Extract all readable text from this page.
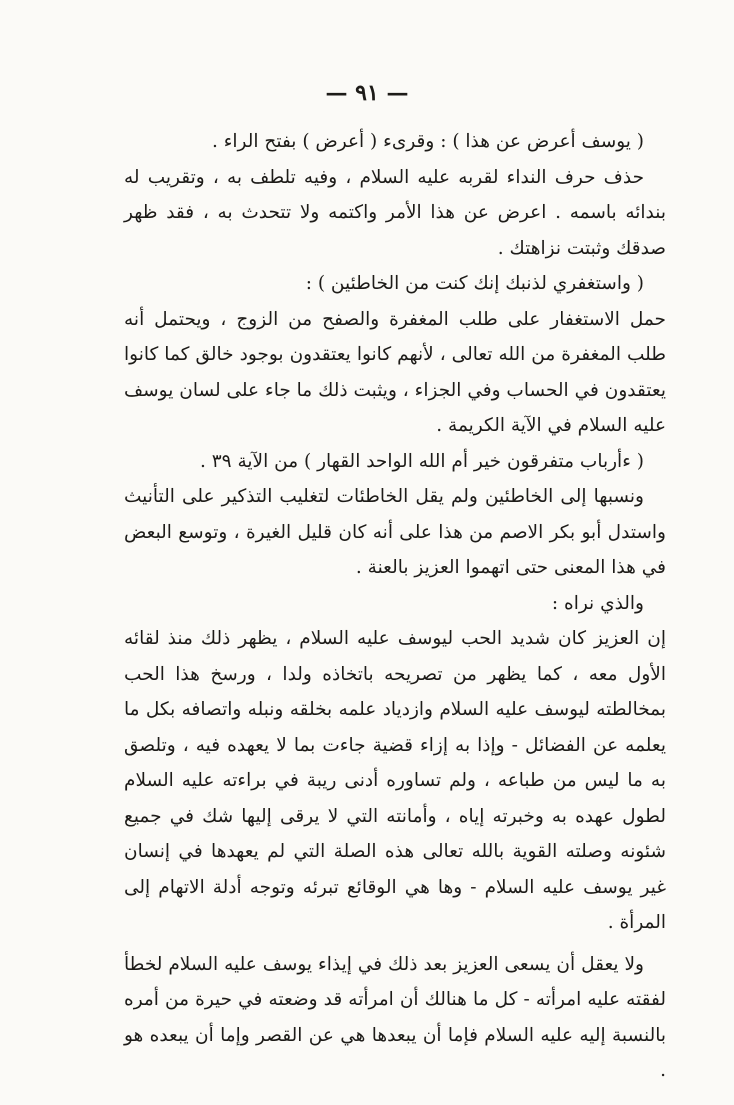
— ٩١ —

( يوسف أعرض عن هذا ) : وقرىء ( أعرض ) بفتح الراء .

حذف حرف النداء لقربه عليه السلام ، وفيه تلطف به ، وتقريب له بندائه باسمه . اعرض عن هذا الأمر واكتمه ولا تتحدث به ، فقد ظهر صدقك وثبتت نزاهتك .

( واستغفري لذنبك إنك كنت من الخاطئين ) :

حمل الاستغفار على طلب المغفرة والصفح من الزوج ، ويحتمل أنه طلب المغفرة من الله تعالى ، لأنهم كانوا يعتقدون بوجود خالق كما كانوا يعتقدون في الحساب وفي الجزاء ، ويثبت ذلك ما جاء على لسان يوسف عليه السلام في الآية الكريمة .

( ءأرباب متفرقون خير أم الله الواحد القهار ) من الآية ٣٩ .

ونسبها إلى الخاطئين ولم يقل الخاطئات لتغليب التذكير على التأنيث واستدل أبو بكر الاصم من هذا على أنه كان قليل الغيرة ، وتوسع البعض في هذا المعنى حتى اتهموا العزيز بالعنة .

والذي نراه :

إن العزيز كان شديد الحب ليوسف عليه السلام ، يظهر ذلك منذ لقائه الأول معه ، كما يظهر من تصريحه باتخاذه ولدا ، ورسخ هذا الحب بمخالطته ليوسف عليه السلام وازدياد علمه بخلقه ونبله واتصافه بكل ما يعلمه عن الفضائل - وإذا به إزاء قضية جاءت بما لا يعهده فيه ، وتلصق به ما ليس من طباعه ، ولم تساوره أدنى ريبة في براءته عليه السلام لطول عهده به وخبرته إياه ، وأمانته التي لا يرقى إليها شك في جميع شئونه وصلته القوية بالله تعالى هذه الصلة التي لم يعهدها في إنسان غير يوسف عليه السلام - وها هي الوقائع تبرئه وتوجه أدلة الاتهام إلى المرأة .

ولا يعقل أن يسعى العزيز بعد ذلك في إيذاء يوسف عليه السلام لخطأ لفقته عليه امرأته - كل ما هنالك أن امرأته قد وضعته في حيرة من أمره بالنسبة إليه عليه السلام فإما أن يبعدها هي عن القصر وإما أن يبعده هو .
